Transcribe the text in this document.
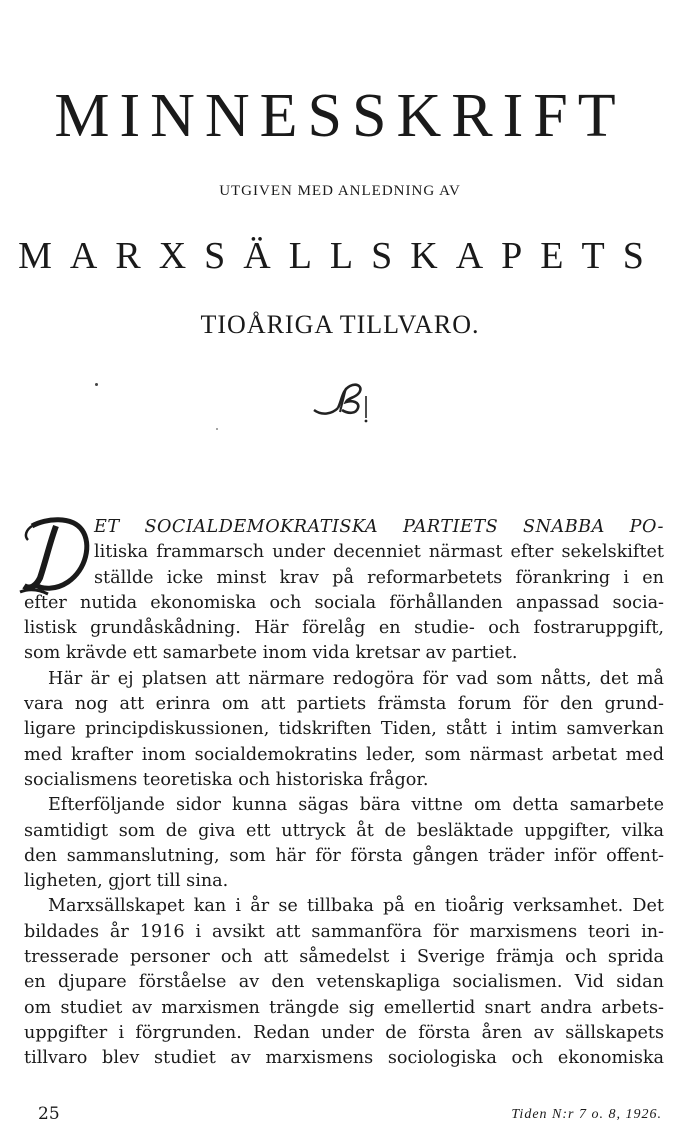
MINNESSKRIFT
UTGIVEN MED ANLEDNING AV
MARXSÄLLSKAPETS
TIOÅRIGA TILLVARO.
ET SOCIALDEMOKRATISKA PARTIETS SNABBA PO-
litiska frammarsch under decenniet närmast efter sekelskiftet
ställde icke minst krav på reformarbetets förankring i en
efter nutida ekonomiska och sociala förhållanden anpassad socia-
listisk grundåskådning. Här förelåg en studie- och fostraruppgift,
som krävde ett samarbete inom vida kretsar av partiet.
Här är ej platsen att närmare redogöra för vad som nåtts, det må
vara nog att erinra om att partiets främsta forum för den grund-
ligare principdiskussionen, tidskriften Tiden, stått i intim samverkan
med krafter inom socialdemokratins leder, som närmast arbetat med
socialismens teoretiska och historiska frågor.
Efterföljande sidor kunna sägas bära vittne om detta samarbete
samtidigt som de giva ett uttryck åt de besläktade uppgifter, vilka
den sammanslutning, som här för första gången träder inför offent-
ligheten, gjort till sina.
Marxsällskapet kan i år se tillbaka på en tioårig verksamhet. Det
bildades år 1916 i avsikt att sammanföra för marxismens teori in-
tresserade personer och att såmedelst i Sverige främja och sprida
en djupare förståelse av den vetenskapliga socialismen. Vid sidan
om studiet av marxismen trängde sig emellertid snart andra arbets-
uppgifter i förgrunden. Redan under de första åren av sällskapets
tillvaro blev studiet av marxismens sociologiska och ekonomiska
25	Tiden N:r 7 o. 8, 1926.
